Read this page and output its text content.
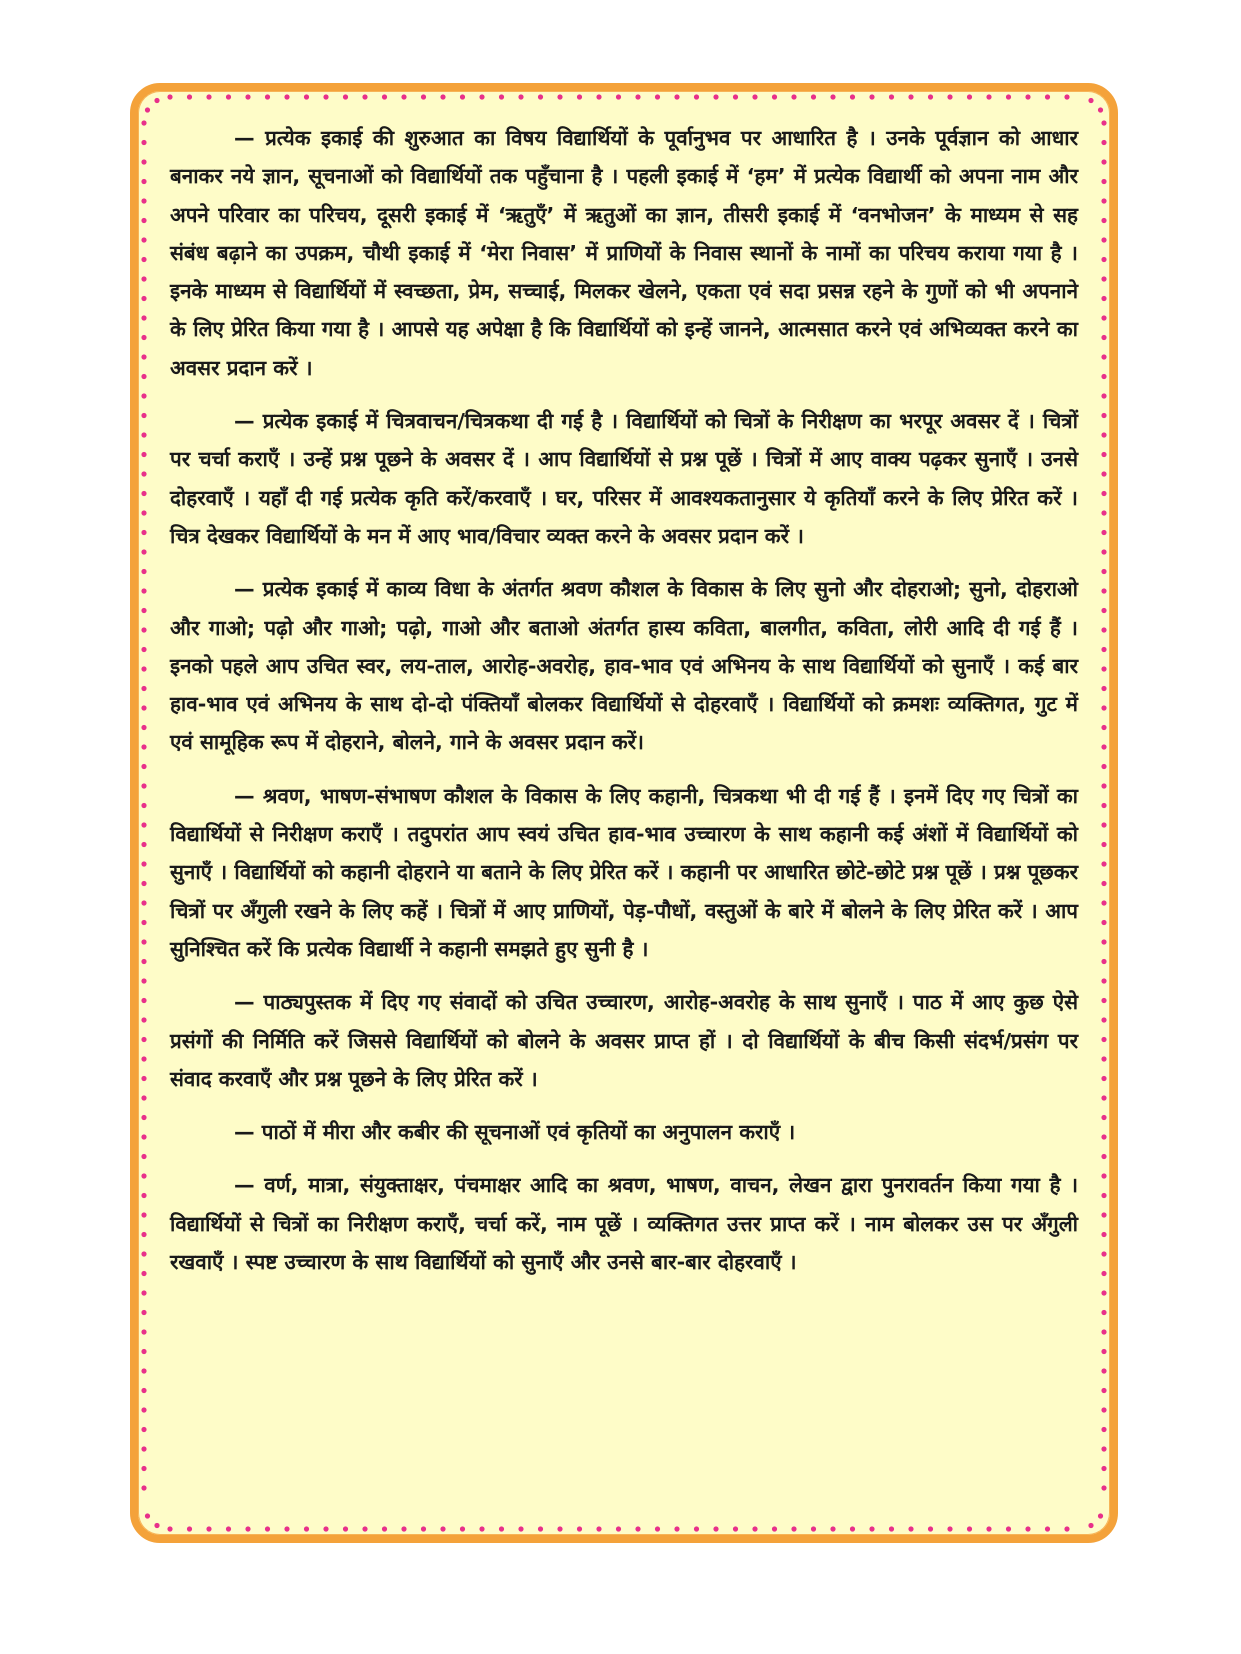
— प्रत्येक इकाई की शुरुआत का विषय विद्यार्थियों के पूर्वानुभव पर आधारित है । उनके पूर्वज्ञान को आधार बनाकर नये ज्ञान, सूचनाओं को विद्यार्थियों तक पहुँचाना है । पहली इकाई में ‘हम’ में प्रत्येक विद्यार्थी को अपना नाम और अपने परिवार का परिचय, दूसरी इकाई में ‘ऋतुएँ’ में ऋतुओं का ज्ञान, तीसरी इकाई में ‘वनभोजन’ के माध्यम से सह संबंध बढ़ाने का उपक्रम, चौथी इकाई में ‘मेरा निवास’ में प्राणियों के निवास स्थानों के नामों का परिचय कराया गया है । इनके माध्यम से विद्यार्थियों में स्वच्छता, प्रेम, सच्चाई, मिलकर खेलने, एकता एवं सदा प्रसन्न रहने के गुणों को भी अपनाने के लिए प्रेरित किया गया है । आपसे यह अपेक्षा है कि विद्यार्थियों को इन्हें जानने, आत्मसात करने एवं अभिव्यक्त करने का अवसर प्रदान करें ।

— प्रत्येक इकाई में चित्रवाचन/चित्रकथा दी गई है । विद्यार्थियों को चित्रों के निरीक्षण का भरपूर अवसर दें । चित्रों पर चर्चा कराएँ । उन्हें प्रश्न पूछने के अवसर दें । आप विद्यार्थियों से प्रश्न पूछें । चित्रों में आए वाक्य पढ़कर सुनाएँ । उनसे दोहरवाएँ । यहाँ दी गई प्रत्येक कृति करें/करवाएँ । घर, परिसर में आवश्यकतानुसार ये कृतियाँ करने के लिए प्रेरित करें । चित्र देखकर विद्यार्थियों के मन में आए भाव/विचार व्यक्त करने के अवसर प्रदान करें ।

— प्रत्येक इकाई में काव्य विधा के अंतर्गत श्रवण कौशल के विकास के लिए सुनो और दोहराओ; सुनो, दोहराओ और गाओ; पढ़ो और गाओ; पढ़ो, गाओ और बताओ अंतर्गत हास्य कविता, बालगीत, कविता, लोरी आदि दी गई हैं । इनको पहले आप उचित स्वर, लय-ताल, आरोह-अवरोह, हाव-भाव एवं अभिनय के साथ विद्यार्थियों को सुनाएँ । कई बार हाव-भाव एवं अभिनय के साथ दो-दो पंक्तियाँ बोलकर विद्यार्थियों से दोहरवाएँ । विद्यार्थियों को क्रमशः व्यक्तिगत, गुट में एवं सामूहिक रूप में दोहराने, बोलने, गाने के अवसर प्रदान करें।

— श्रवण, भाषण-संभाषण कौशल के विकास के लिए कहानी, चित्रकथा भी दी गई हैं । इनमें दिए गए चित्रों का विद्यार्थियों से निरीक्षण कराएँ । तदुपरांत आप स्वयं उचित हाव-भाव उच्चारण के साथ कहानी कई अंशों में विद्यार्थियों को सुनाएँ । विद्यार्थियों को कहानी दोहराने या बताने के लिए प्रेरित करें । कहानी पर आधारित छोटे-छोटे प्रश्न पूछें । प्रश्न पूछकर चित्रों पर अँगुली रखने के लिए कहें । चित्रों में आए प्राणियों, पेड़-पौधों, वस्तुओं के बारे में बोलने के लिए प्रेरित करें । आप सुनिश्चित करें कि प्रत्येक विद्यार्थी ने कहानी समझते हुए सुनी है ।

— पाठ्यपुस्तक में दिए गए संवादों को उचित उच्चारण, आरोह-अवरोह के साथ सुनाएँ । पाठ में आए कुछ ऐसे प्रसंगों की निर्मिति करें जिससे विद्यार्थियों को बोलने के अवसर प्राप्त हों । दो विद्यार्थियों के बीच किसी संदर्भ/प्रसंग पर संवाद करवाएँ और प्रश्न पूछने के लिए प्रेरित करें ।

— पाठों में मीरा और कबीर की सूचनाओं एवं कृतियों का अनुपालन कराएँ ।

— वर्ण, मात्रा, संयुक्ताक्षर, पंचमाक्षर आदि का श्रवण, भाषण, वाचन, लेखन द्वारा पुनरावर्तन किया गया है । विद्यार्थियों से चित्रों का निरीक्षण कराएँ, चर्चा करें, नाम पूछें । व्यक्तिगत उत्तर प्राप्त करें । नाम बोलकर उस पर अँगुली रखवाएँ । स्पष्ट उच्चारण के साथ विद्यार्थियों को सुनाएँ और उनसे बार-बार दोहरवाएँ ।
